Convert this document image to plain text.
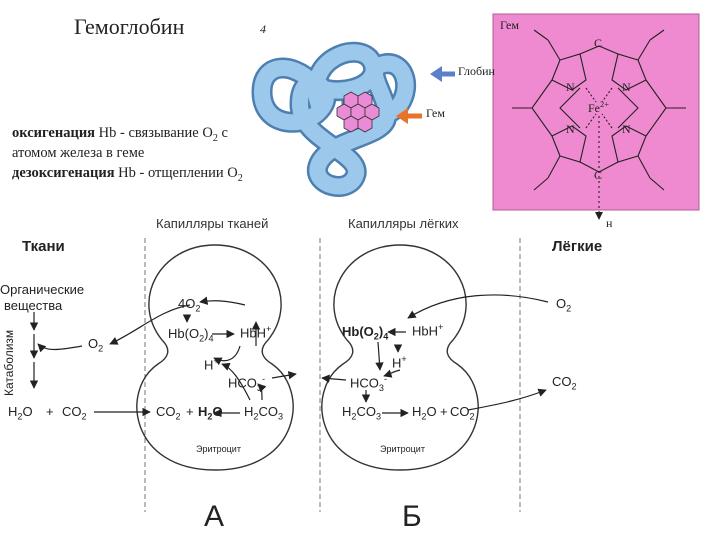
Гемоглобин	4
Глобин
Гем
оксигенация Hb - связывание $O_2$ с
атомом железа в геме
дезоксигенация Hb - отщеплении $O_2$
Гем
C
N	N
N	N
$Fe^{2+}$
C
н
Капилляры тканей	Капилляры лёгких
Ткани
Органические
вещества
Катаболизм	$O_2$
$H_2O + CO_2$
$4O_2$
$Hb(O_2)_4$ HbH+
H+
$HCO_3^-$
$CO_2 + H_2O$ $H_2CO_3$
Эритроцит
А
$Hb(O_2)_4$ HbH+
H+
$HCO_3^-$
$H_2CO_3$ $H_2O + CO_2$
Эритроцит
Б
Лёгкие
$O_2$
$CO_2$
